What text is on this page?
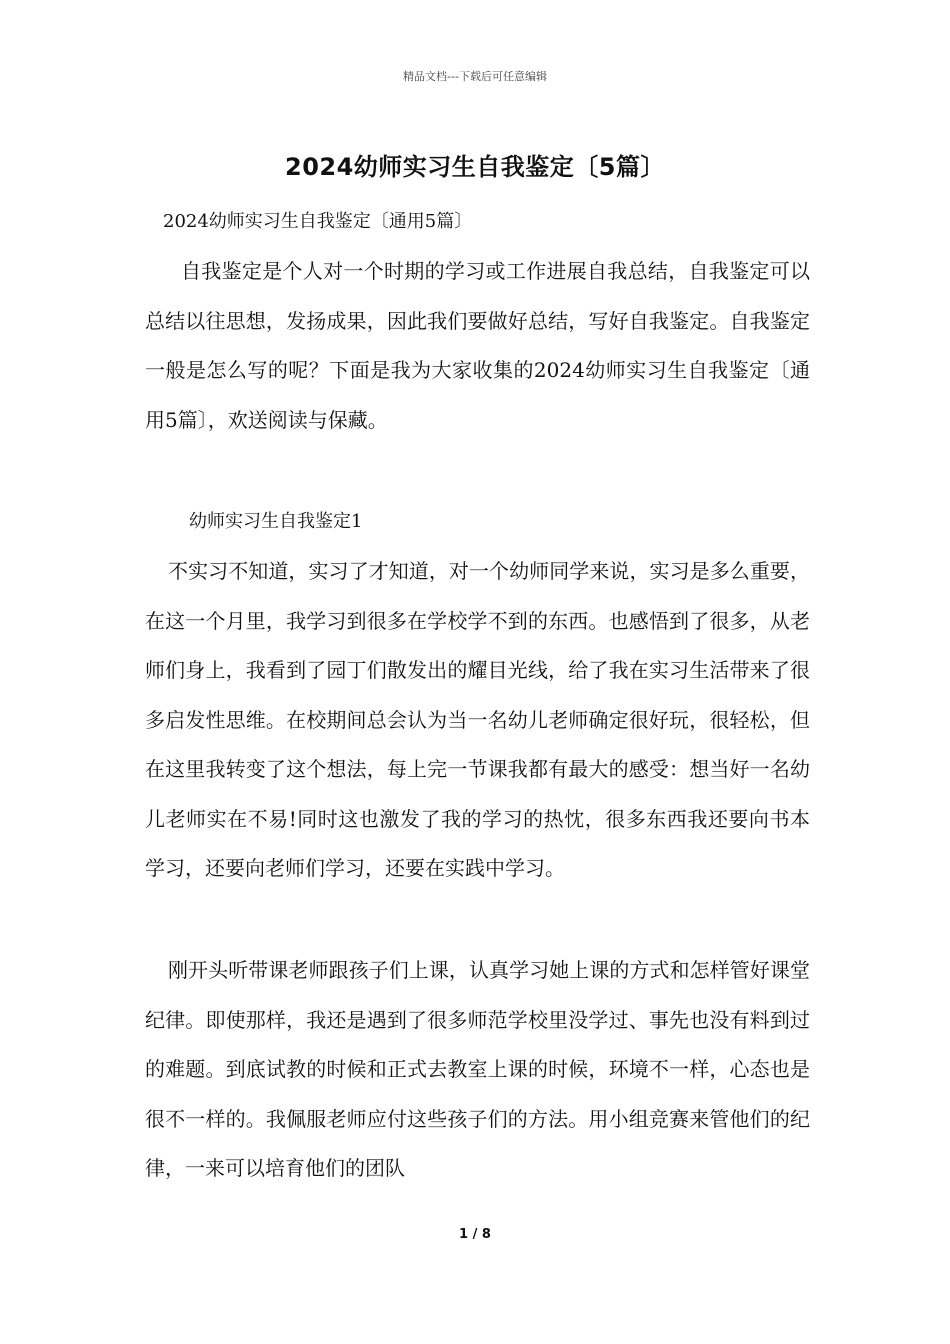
精品文档---下载后可任意编辑
2024幼师实习生自我鉴定〔5篇〕
2024幼师实习生自我鉴定〔通用5篇〕

自我鉴定是个人对一个时期的学习或工作进展自我总结，自我鉴定可以总结以往思想，发扬成果，因此我们要做好总结，写好自我鉴定。自我鉴定一般是怎么写的呢？下面是我为大家收集的2024幼师实习生自我鉴定〔通用5篇〕，欢送阅读与保藏。

幼师实习生自我鉴定1

不实习不知道，实习了才知道，对一个幼师同学来说，实习是多么重要，在这一个月里，我学习到很多在学校学不到的东西。也感悟到了很多，从老师们身上，我看到了园丁们散发出的耀目光线，给了我在实习生活带来了很多启发性思维。在校期间总会认为当一名幼儿老师确定很好玩，很轻松，但在这里我转变了这个想法，每上完一节课我都有最大的感受：想当好一名幼儿老师实在不易!同时这也激发了我的学习的热忱，很多东西我还要向书本学习，还要向老师们学习，还要在实践中学习。

刚开头听带课老师跟孩子们上课，认真学习她上课的方式和怎样管好课堂纪律。即使那样，我还是遇到了很多师范学校里没学过、事先也没有料到过的难题。到底试教的时候和正式去教室上课的时候，环境不一样，心态也是很不一样的。我佩服老师应付这些孩子们的方法。用小组竞赛来管他们的纪律，一来可以培育他们的团队

1 / 8
